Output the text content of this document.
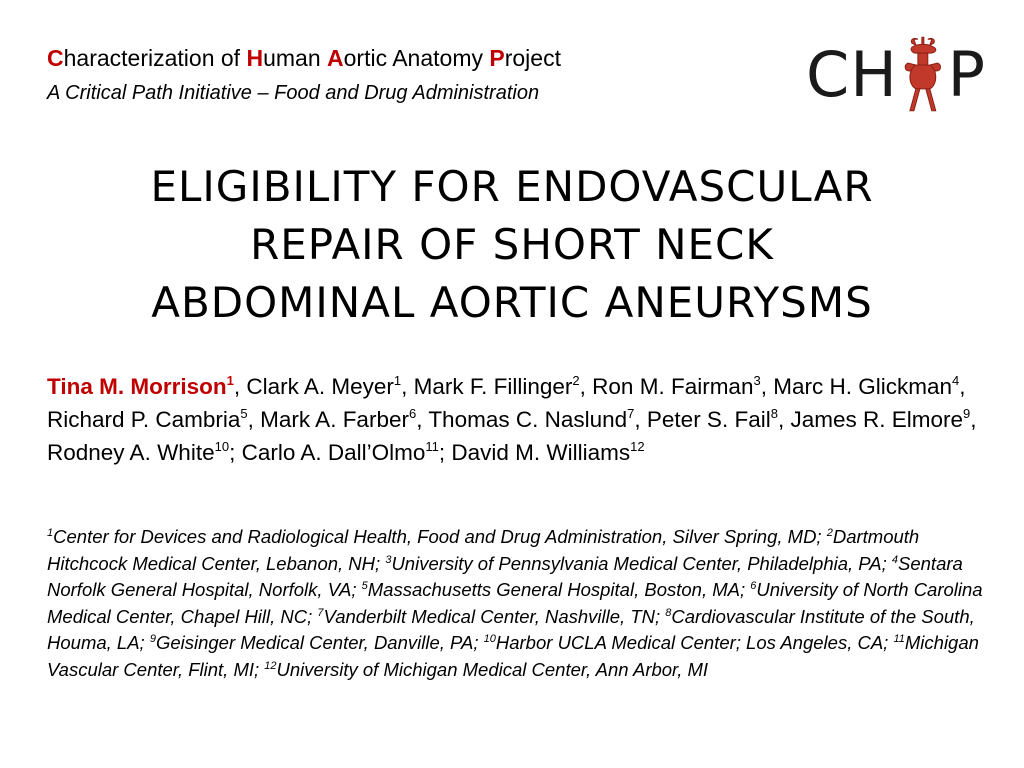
Characterization of Human Aortic Anatomy Project
A Critical Path Initiative – Food and Drug Administration	CH P
ELIGIBILITY FOR ENDOVASCULAR
REPAIR OF SHORT NECK
ABDOMINAL AORTIC ANEURYSMS
Tina M. Morrison$^1$, Clark A. Meyer$^1$, Mark F. Fillinger$^2$, Ron M. Fairman$^3$, Marc H. Glickman$^4$, Richard P. Cambria$^5$, Mark A. Farber$^6$, Thomas C. Naslund$^7$, Peter S. Fail$^8$, James R. Elmore$^9$, Rodney A. White$^{10}$; Carlo A. Dall’Olmo$^{11}$; David M. Williams$^{12}$
$^1$Center for Devices and Radiological Health, Food and Drug Administration, Silver Spring, MD; $^2$Dartmouth Hitchcock Medical Center, Lebanon, NH; $^3$University of Pennsylvania Medical Center, Philadelphia, PA; $^4$Sentara Norfolk General Hospital, Norfolk, VA; $^5$Massachusetts General Hospital, Boston, MA; $^6$University of North Carolina Medical Center, Chapel Hill, NC; $^7$Vanderbilt Medical Center, Nashville, TN; $^8$Cardiovascular Institute of the South, Houma, LA; $^9$Geisinger Medical Center, Danville, PA; $^{10}$Harbor UCLA Medical Center; Los Angeles, CA; $^{11}$Michigan Vascular Center, Flint, MI; $^{12}$University of Michigan Medical Center, Ann Arbor, MI
